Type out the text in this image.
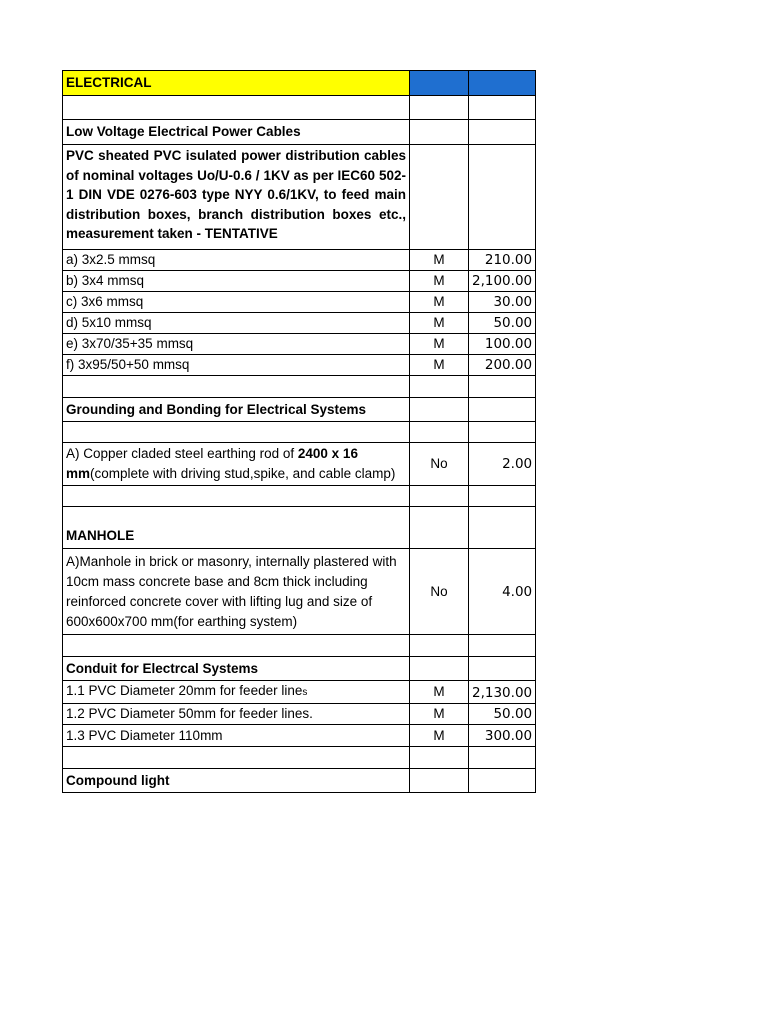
ELECTRICAL		

Low Voltage Electrical Power Cables		
PVC sheated PVC isulated power distribution cables of nominal voltages Uo/U-0.6 / 1KV as per IEC60 502-1 DIN VDE 0276-603 type NYY 0.6/1KV, to feed main distribution boxes, branch distribution boxes etc., measurement taken - TENTATIVE		
a) 3x2.5 mmsq	M	210.00
b) 3x4 mmsq	M	2,100.00
c) 3x6 mmsq	M	30.00
d) 5x10 mmsq	M	50.00
e) 3x70/35+35 mmsq	M	100.00
f) 3x95/50+50 mmsq	M	200.00

Grounding and Bonding for Electrical Systems		

A) Copper claded steel earthing rod of 2400 x 16 mm(complete with driving stud,spike, and cable clamp)	No	2.00

MANHOLE		
A)Manhole in brick or masonry, internally plastered with 10cm mass concrete base and 8cm thick including reinforced concrete cover with lifting lug and size of 600x600x700 mm(for earthing system)	No	4.00

Conduit for Electrcal Systems		
1.1 PVC Diameter 20mm for feeder lines	M	2,130.00
1.2 PVC Diameter 50mm for feeder lines.	M	50.00
1.3 PVC Diameter 110mm	M	300.00

Compound light		
